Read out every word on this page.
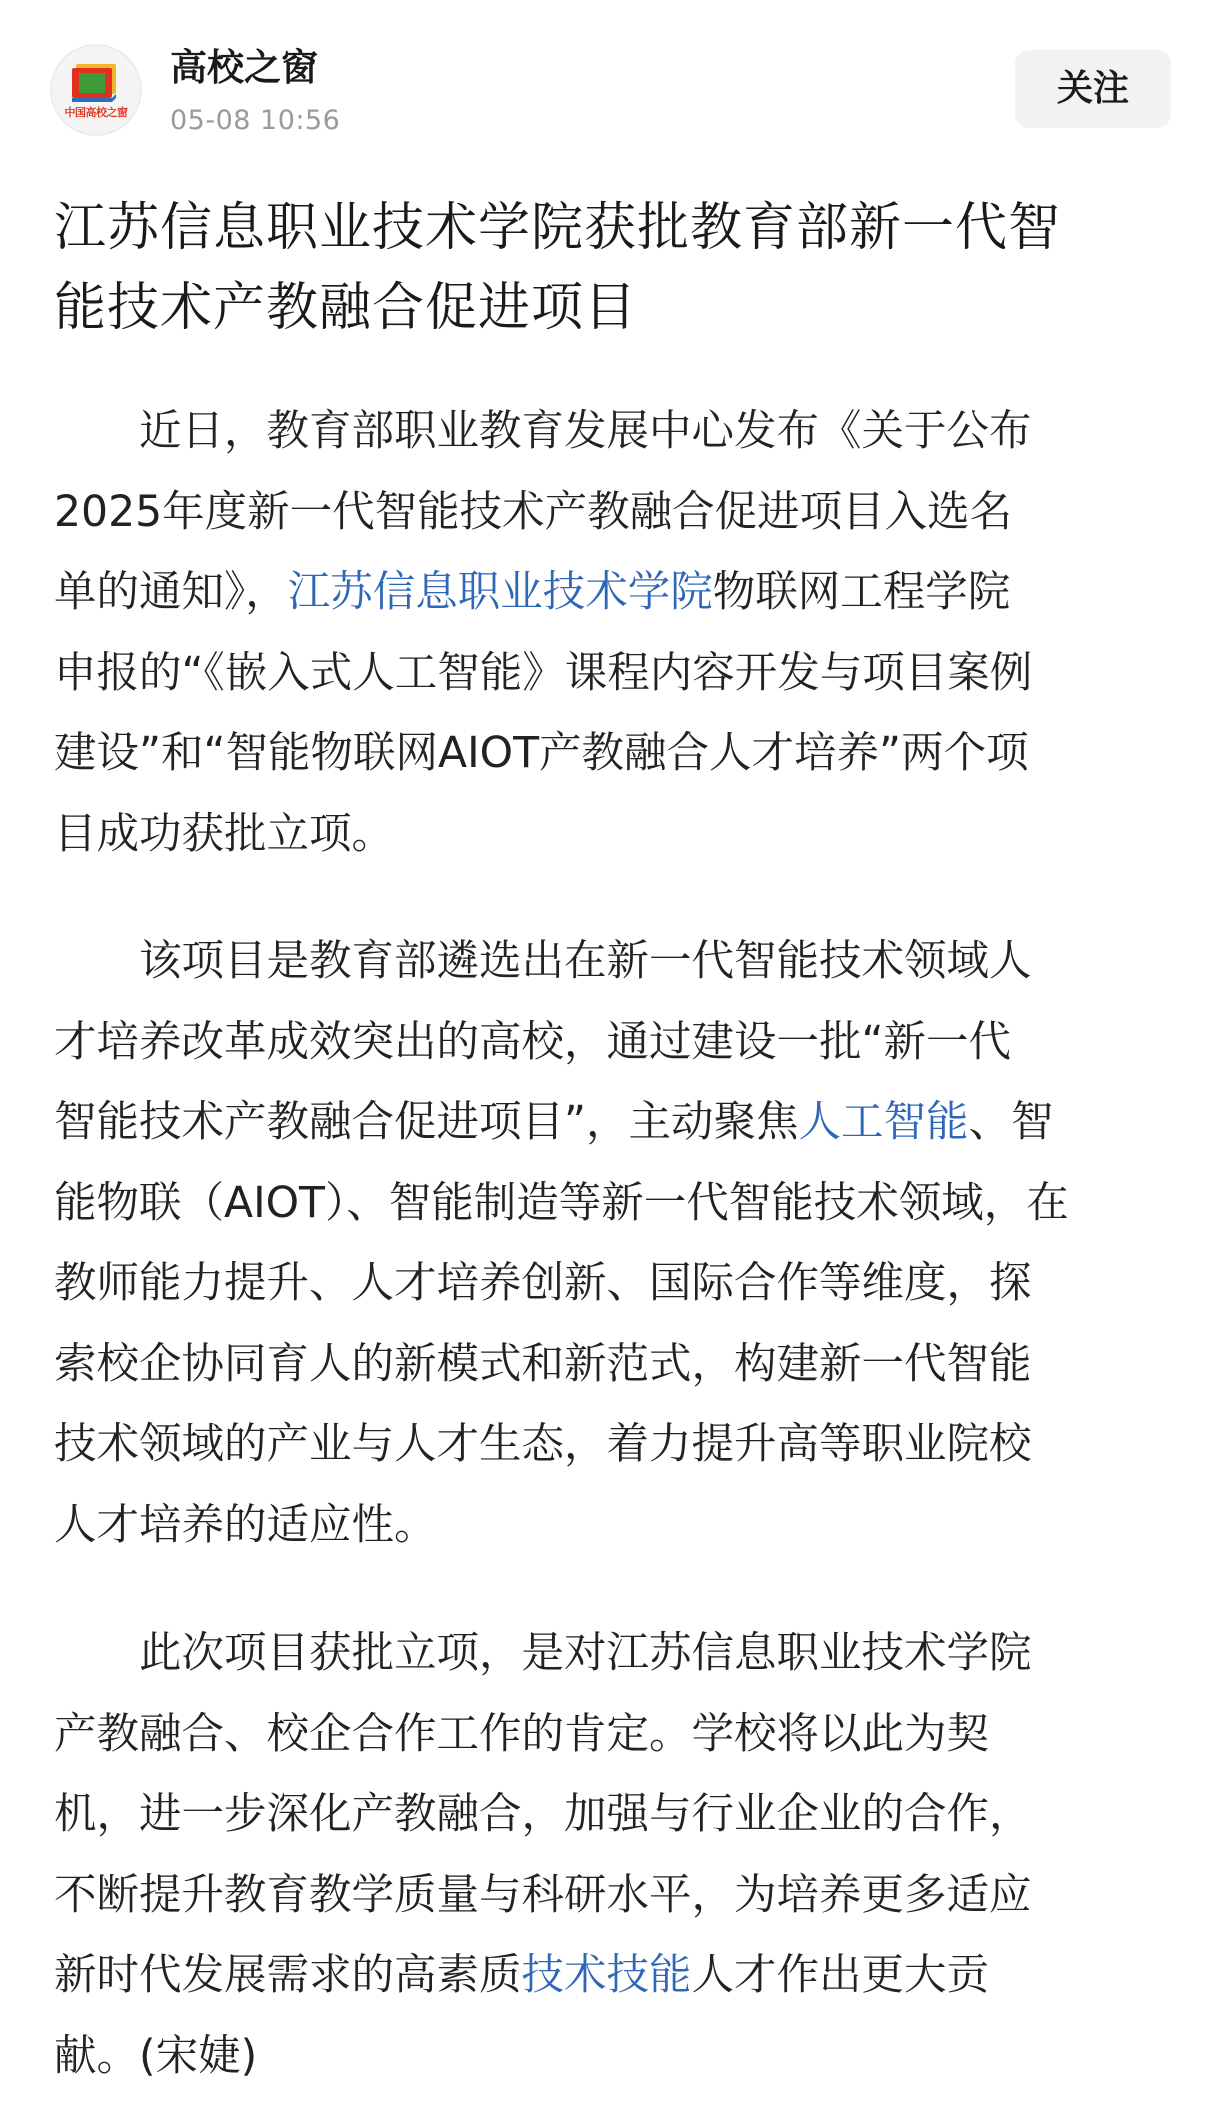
中国高校之窗
高校之窗
05-08 10:56
关注
江苏信息职业技术学院获批教育部新一代智
能技术产教融合促进项目

近日，教育部职业教育发展中心发布《关于公布
2025年度新一代智能技术产教融合促进项目入选名
单的通知》，江苏信息职业技术学院物联网工程学院
申报的“《嵌入式人工智能》课程内容开发与项目案例
建设”和“智能物联网AIOT产教融合人才培养”两个项
目成功获批立项。

该项目是教育部遴选出在新一代智能技术领域人
才培养改革成效突出的高校，通过建设一批“新一代
智能技术产教融合促进项目”，主动聚焦人工智能、智
能物联（AIOT）、智能制造等新一代智能技术领域，在
教师能力提升、人才培养创新、国际合作等维度，探
索校企协同育人的新模式和新范式，构建新一代智能
技术领域的产业与人才生态，着力提升高等职业院校
人才培养的适应性。

此次项目获批立项，是对江苏信息职业技术学院
产教融合、校企合作工作的肯定。学校将以此为契
机，进一步深化产教融合，加强与行业企业的合作，
不断提升教育教学质量与科研水平，为培养更多适应
新时代发展需求的高素质技术技能人才作出更大贡
献。(宋婕)
